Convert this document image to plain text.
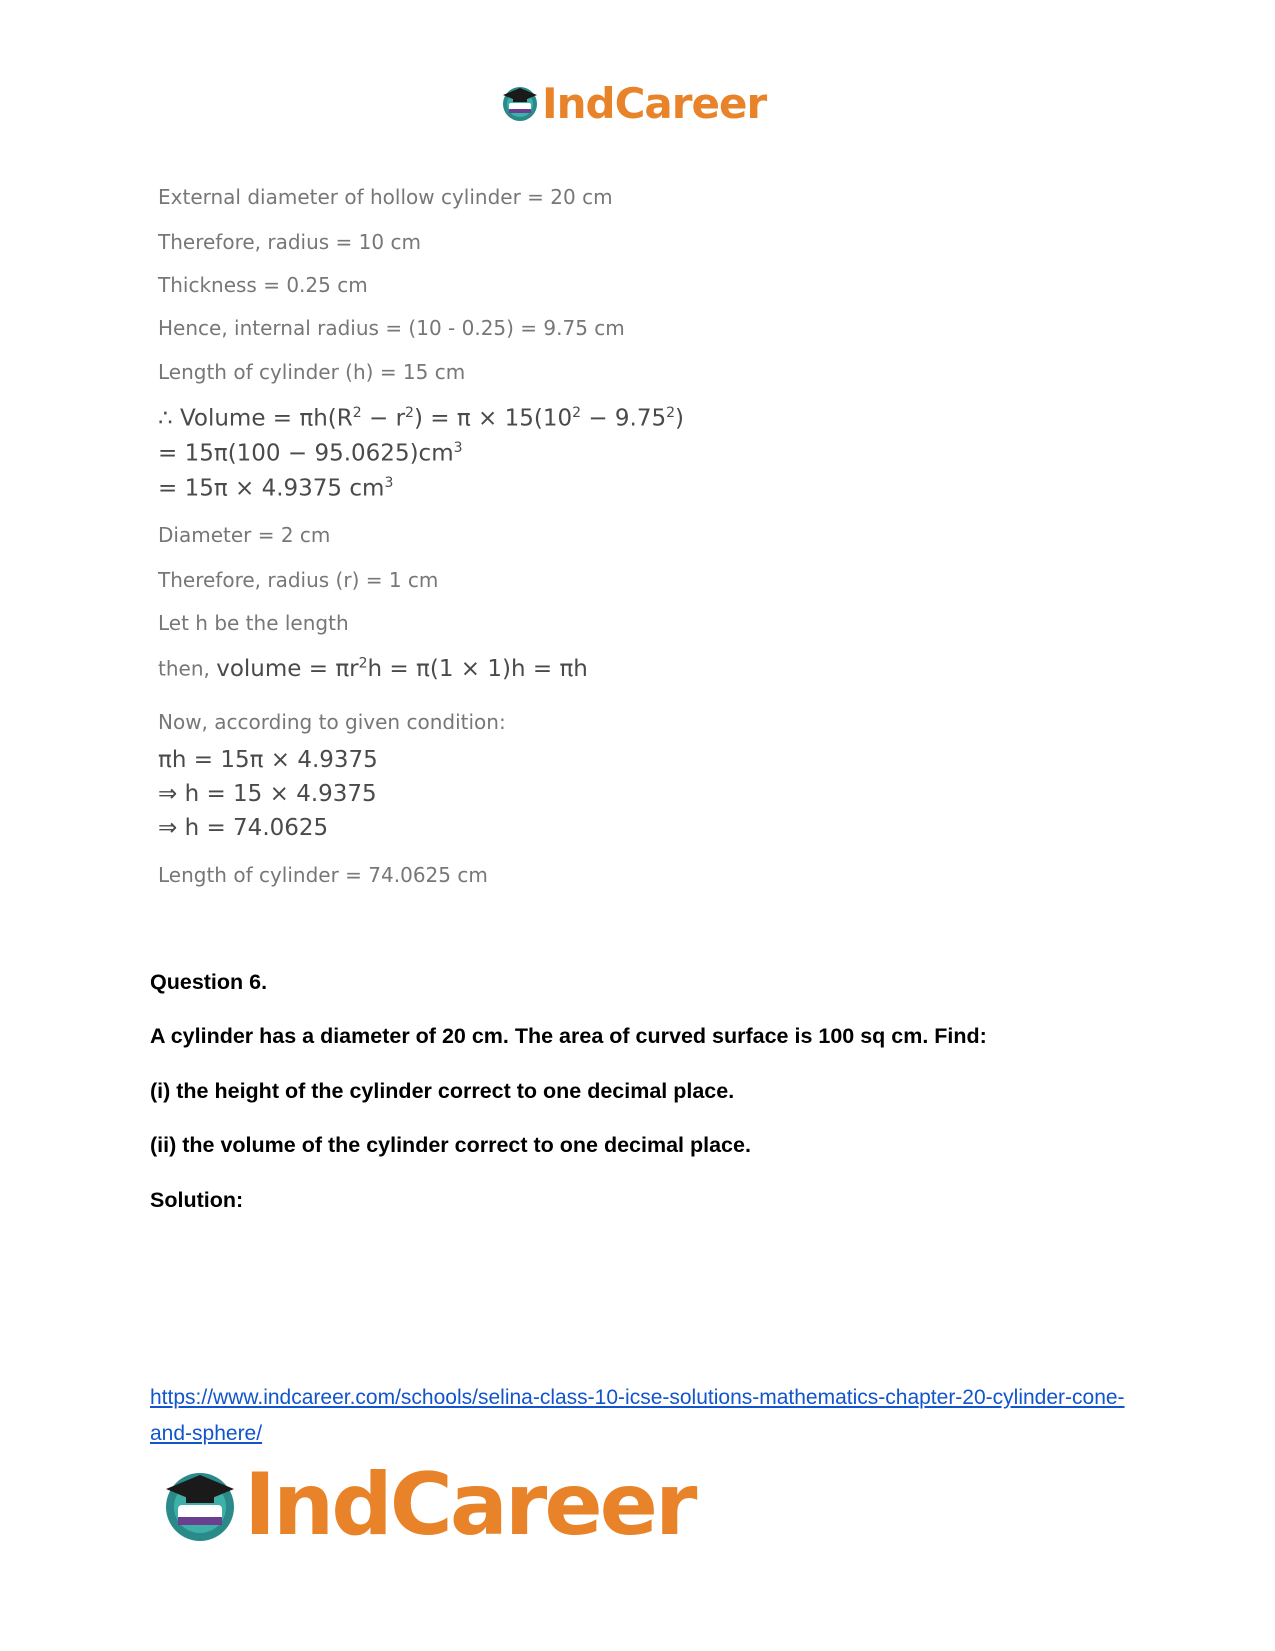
IndCareer
External diameter of hollow cylinder = 20 cm
Therefore, radius = 10 cm
Thickness = 0.25 cm
Hence, internal radius = (10 - 0.25) = 9.75 cm
Length of cylinder (h) = 15 cm
∴ Volume = $\pi h(R^2 - r^2) = \pi \times 15(10^2 - 9.75^2)$
= $15\pi(100 - 95.0625)cm^3$
= 15π × 4.9375 $cm^3$
Diameter = 2 cm
Therefore, radius (r) = 1 cm
Let h be the length
then, volume = $\pi r^2h = \pi(1 \times 1)h = \pi h$
Now, according to given condition:
πh = 15π × 4.9375
⇒ h = 15 × 4.9375
⇒ h = 74.0625
Length of cylinder = 74.0625 cm
Question 6.
A cylinder has a diameter of 20 cm. The area of curved surface is 100 sq cm. Find:
(i) the height of the cylinder correct to one decimal place.
(ii) the volume of the cylinder correct to one decimal place.
Solution:
https://www.indcareer.com/schools/selina-class-10-icse-solutions-mathematics-chapter-20-cylinder-cone-and-sphere/
IndCareer
